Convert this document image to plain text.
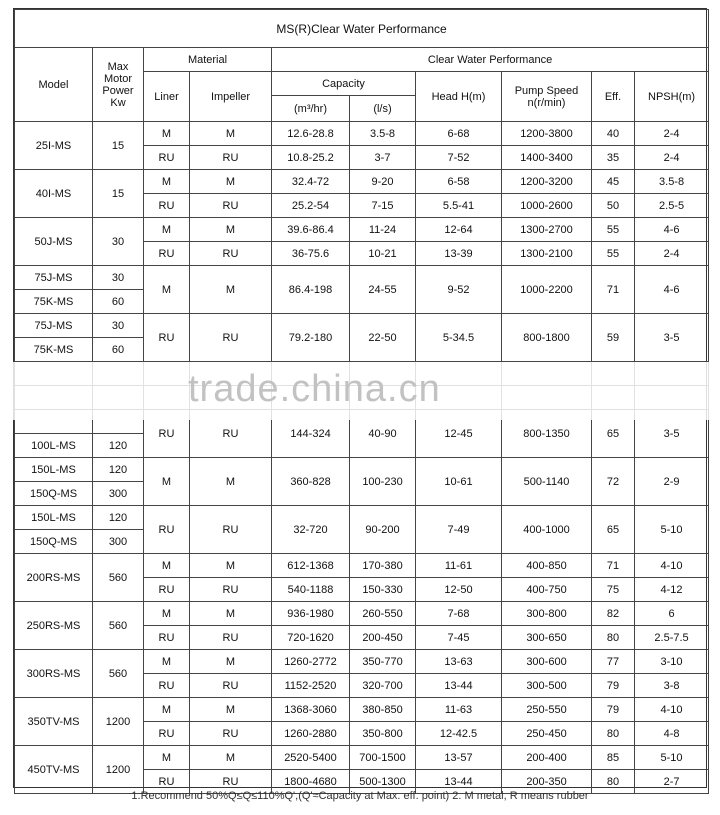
MS(R)Clear Water Performance									
Model	Max
Motor
Power
Kw	Material		Clear Water Performance					
		Liner	Impeller	Capacity		Head H(m)	Pump Speed
n(r/min)	Eff.	NPSH(m)
				(m³/hr)	(l/s)				
25I-MS	15	M	M	12.6-28.8	3.5-8	6-68	1200-3800	40	2-4
		RU	RU	10.8-25.2	3-7	7-52	1400-3400	35	2-4
40I-MS	15	M	M	32.4-72	9-20	6-58	1200-3200	45	3.5-8
		RU	RU	25.2-54	7-15	5.5-41	1000-2600	50	2.5-5
50J-MS	30	M	M	39.6-86.4	11-24	12-64	1300-2700	55	4-6
		RU	RU	36-75.6	10-21	13-39	1300-2100	55	2-4
75J-MS	30	M	M	86.4-198	24-55	9-52	1000-2200	71	4-6
75K-MS	60								
75J-MS	30	RU	RU	79.2-180	22-50	5-34.5	800-1800	59	3-5
75K-MS	60								

		RU	RU	144-324	40-90	12-45	800-1350	65	3-5
100L-MS	120								
150L-MS	120	M	M	360-828	100-230	10-61	500-1140	72	2-9
150Q-MS	300								
150L-MS	120	RU	RU	32-720	90-200	7-49	400-1000	65	5-10
150Q-MS	300								
200RS-MS	560	M	M	612-1368	170-380	11-61	400-850	71	4-10
		RU	RU	540-1188	150-330	12-50	400-750	75	4-12
250RS-MS	560	M	M	936-1980	260-550	7-68	300-800	82	6
		RU	RU	720-1620	200-450	7-45	300-650	80	2.5-7.5
300RS-MS	560	M	M	1260-2772	350-770	13-63	300-600	77	3-10
		RU	RU	1152-2520	320-700	13-44	300-500	79	3-8
350TV-MS	1200	M	M	1368-3060	380-850	11-63	250-550	79	4-10
		RU	RU	1260-2880	350-800	12-42.5	250-450	80	4-8
450TV-MS	1200	M	M	2520-5400	700-1500	13-57	200-400	85	5-10
		RU	RU	1800-4680	500-1300	13-44	200-350	80	2-7
trade.china.cn
1.Recommend 50%Q≤Q≤110%Q',(Q'≈Capacity at Max. eff. point) 2. M metal, R means rubber
